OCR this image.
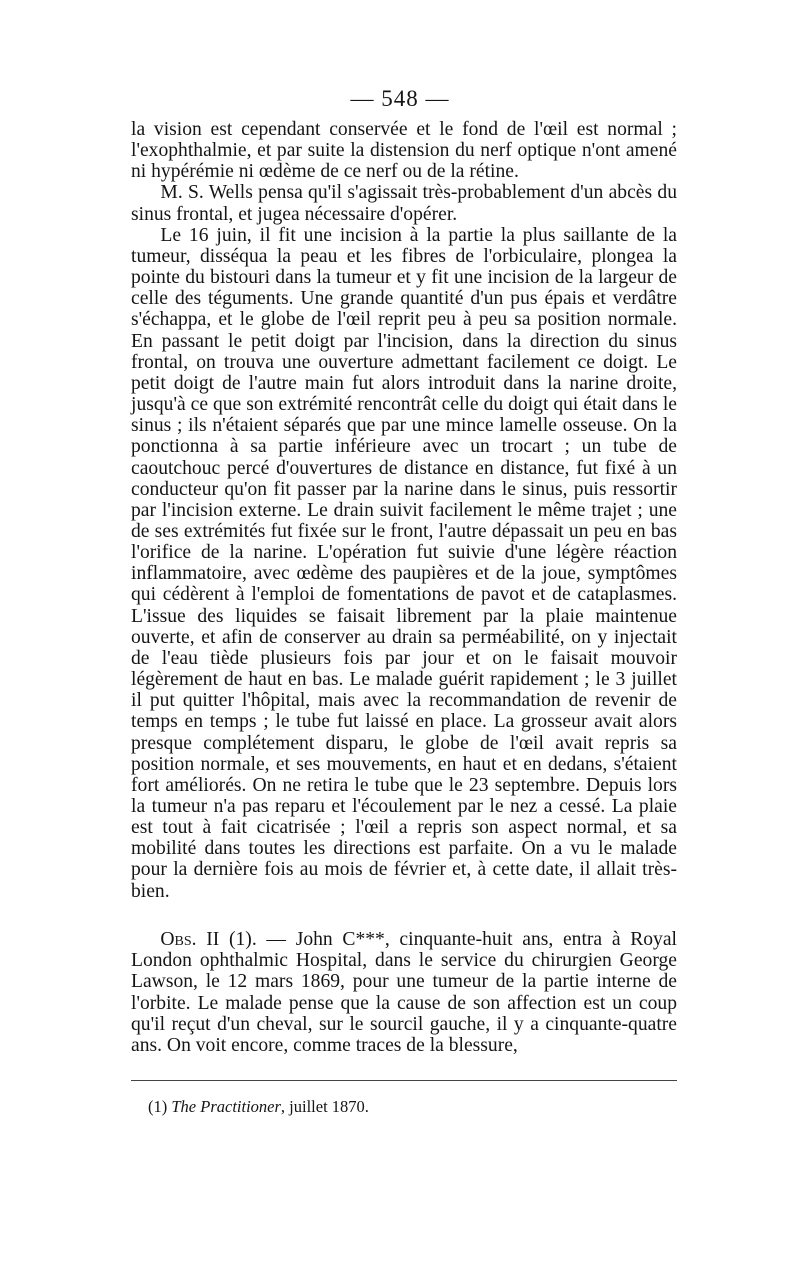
— 548 —

la vision est cependant conservée et le fond de l'œil est normal ; l'exophthalmie, et par suite la distension du nerf optique n'ont amené ni hypérémie ni œdème de ce nerf ou de la rétine.

M. S. Wells pensa qu'il s'agissait très-probablement d'un abcès du sinus frontal, et jugea nécessaire d'opérer.

Le 16 juin, il fit une incision à la partie la plus saillante de la tumeur, disséqua la peau et les fibres de l'orbiculaire, plongea la pointe du bistouri dans la tumeur et y fit une incision de la largeur de celle des téguments. Une grande quantité d'un pus épais et verdâtre s'échappa, et le globe de l'œil reprit peu à peu sa position normale. En passant le petit doigt par l'incision, dans la direction du sinus frontal, on trouva une ouverture admettant facilement ce doigt. Le petit doigt de l'autre main fut alors introduit dans la narine droite, jusqu'à ce que son extrémité rencontrât celle du doigt qui était dans le sinus ; ils n'étaient séparés que par une mince lamelle osseuse. On la ponctionna à sa partie inférieure avec un trocart ; un tube de caoutchouc percé d'ouvertures de distance en distance, fut fixé à un conducteur qu'on fit passer par la narine dans le sinus, puis ressortir par l'incision externe. Le drain suivit facilement le même trajet ; une de ses extrémités fut fixée sur le front, l'autre dépassait un peu en bas l'orifice de la narine. L'opération fut suivie d'une légère réaction inflammatoire, avec œdème des paupières et de la joue, symptômes qui cédèrent à l'emploi de fomentations de pavot et de cataplasmes. L'issue des liquides se faisait librement par la plaie maintenue ouverte, et afin de conserver au drain sa perméabilité, on y injectait de l'eau tiède plusieurs fois par jour et on le faisait mouvoir légèrement de haut en bas. Le malade guérit rapidement ; le 3 juillet il put quitter l'hôpital, mais avec la recommandation de revenir de temps en temps ; le tube fut laissé en place. La grosseur avait alors presque complétement disparu, le globe de l'œil avait repris sa position normale, et ses mouvements, en haut et en dedans, s'étaient fort améliorés. On ne retira le tube que le 23 septembre. Depuis lors la tumeur n'a pas reparu et l'écoulement par le nez a cessé. La plaie est tout à fait cicatrisée ; l'œil a repris son aspect normal, et sa mobilité dans toutes les directions est parfaite. On a vu le malade pour la dernière fois au mois de février et, à cette date, il allait très-bien.

Obs. II (1). — John C***, cinquante-huit ans, entra à Royal London ophthalmic Hospital, dans le service du chirurgien George Lawson, le 12 mars 1869, pour une tumeur de la partie interne de l'orbite. Le malade pense que la cause de son affection est un coup qu'il reçut d'un cheval, sur le sourcil gauche, il y a cinquante-quatre ans. On voit encore, comme traces de la blessure,

(1) The Practitioner, juillet 1870.
